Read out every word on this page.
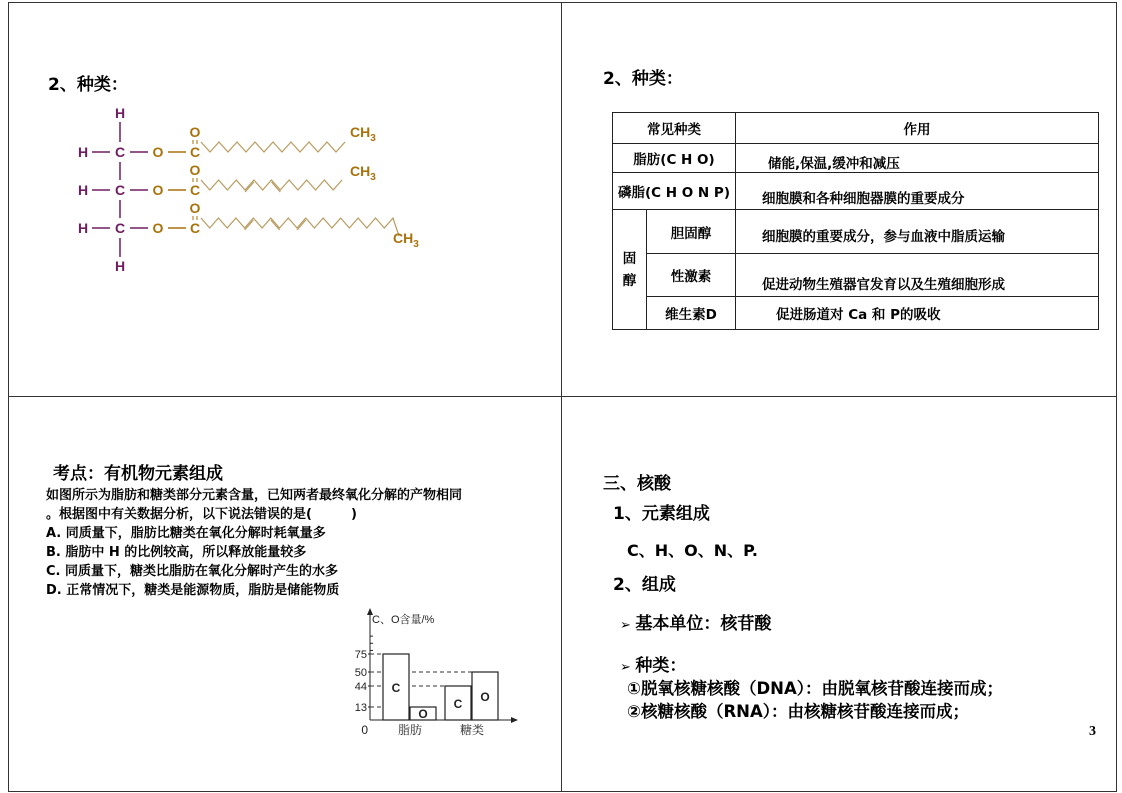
2、种类：
H
H
H C O C
O
H C O C
O
H C O C
O
$CH_3$
$CH_3$
$CH_3$
2、种类：
常见种类		作用
脂肪(C H O)		储能,保温,缓冲和减压
磷脂(C H O N P)		细胞膜和各种细胞器膜的重要成分
固醇	胆固醇	细胞膜的重要成分，参与血液中脂质运输
	性激素	促进动物生殖器官发育以及生殖细胞形成
	维生素D	促进肠道对 Ca 和 P的吸收
考点：有机物元素组成
如图所示为脂肪和糖类部分元素含量，已知两者最终氧化分解的产物相同
。根据图中有关数据分析，以下说法错误的是(　　　)
A. 同质量下，脂肪比糖类在氧化分解时耗氧量多
B. 脂肪中 H 的比例较高，所以释放能量较多
C. 同质量下，糖类比脂肪在氧化分解时产生的水多
D. 正常情况下，糖类是能源物质，脂肪是储能物质
C、O含量/%
0
13
44
50
75
C
O
脂肪
C O
糖类
三、核酸
1、元素组成
C、H、O、N、P.
2、组成
➢ 基本单位：核苷酸
➢ 种类：
①脱氧核糖核酸（DNA）：由脱氧核苷酸连接而成；
②核糖核酸（RNA）：由核糖核苷酸连接而成；
3
